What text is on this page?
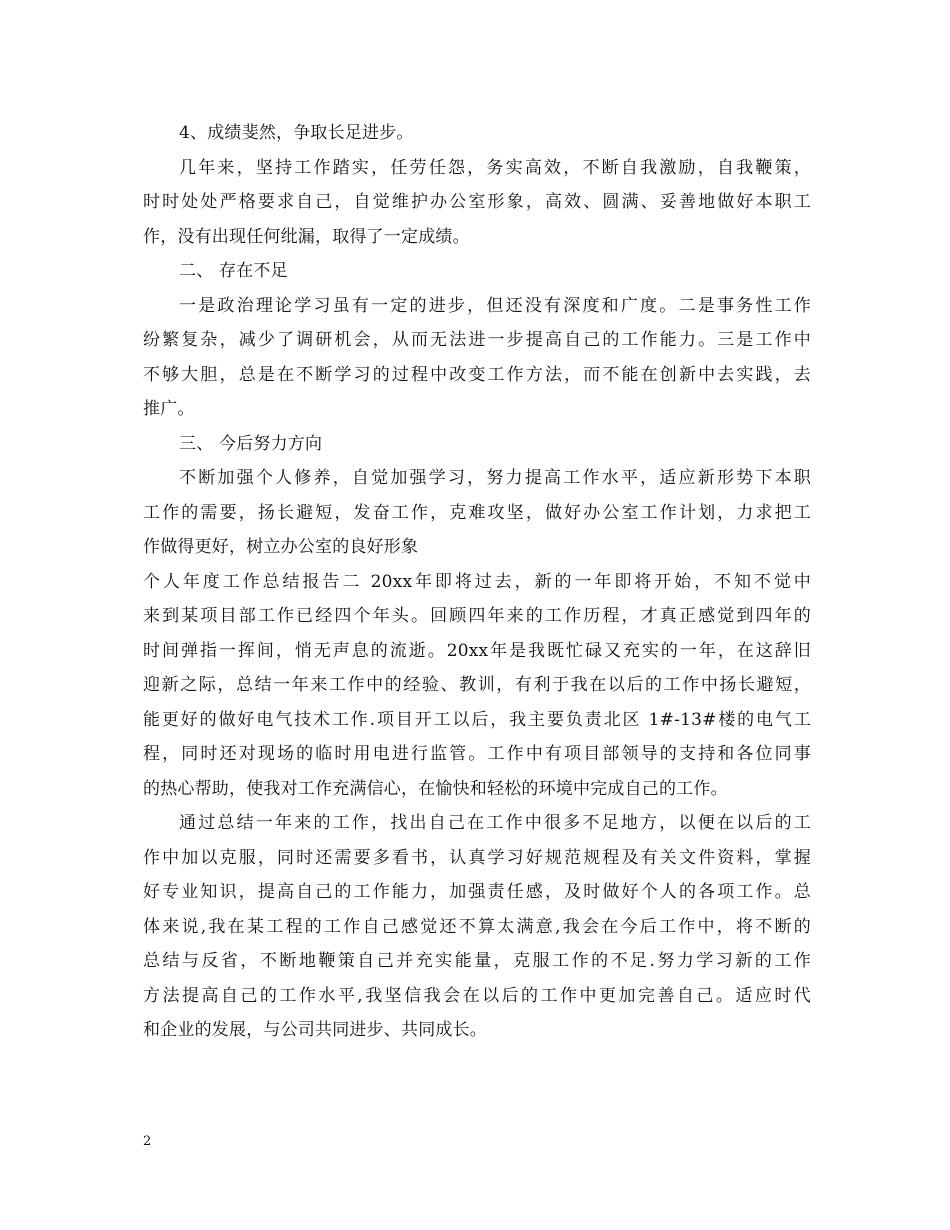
4、成绩斐然，争取长足进步。
几年来，坚持工作踏实，任劳任怨，务实高效，不断自我激励，自我鞭策，
时时处处严格要求自己，自觉维护办公室形象，高效、圆满、妥善地做好本职工
作，没有出现任何纰漏，取得了一定成绩。
二、 存在不足
一是政治理论学习虽有一定的进步，但还没有深度和广度。二是事务性工作
纷繁复杂，减少了调研机会，从而无法进一步提高自己的工作能力。三是工作中
不够大胆，总是在不断学习的过程中改变工作方法，而不能在创新中去实践，去
推广。
三、 今后努力方向
不断加强个人修养，自觉加强学习，努力提高工作水平，适应新形势下本职
工作的需要，扬长避短，发奋工作，克难攻坚，做好办公室工作计划，力求把工
作做得更好，树立办公室的良好形象
个人年度工作总结报告二 20xx年即将过去，新的一年即将开始，不知不觉中
来到某项目部工作已经四个年头。回顾四年来的工作历程，才真正感觉到四年的
时间弹指一挥间，悄无声息的流逝。20xx年是我既忙碌又充实的一年，在这辞旧
迎新之际，总结一年来工作中的经验、教训，有利于我在以后的工作中扬长避短，
能更好的做好电气技术工作.项目开工以后，我主要负责北区 1#-13#楼的电气工
程，同时还对现场的临时用电进行监管。工作中有项目部领导的支持和各位同事
的热心帮助，使我对工作充满信心，在愉快和轻松的环境中完成自己的工作。
通过总结一年来的工作，找出自己在工作中很多不足地方，以便在以后的工
作中加以克服，同时还需要多看书，认真学习好规范规程及有关文件资料，掌握
好专业知识，提高自己的工作能力，加强责任感，及时做好个人的各项工作。总
体来说,我在某工程的工作自己感觉还不算太满意,我会在今后工作中，将不断的
总结与反省，不断地鞭策自己并充实能量，克服工作的不足.努力学习新的工作
方法提高自己的工作水平,我坚信我会在以后的工作中更加完善自己。适应时代
和企业的发展，与公司共同进步、共同成长。
2
